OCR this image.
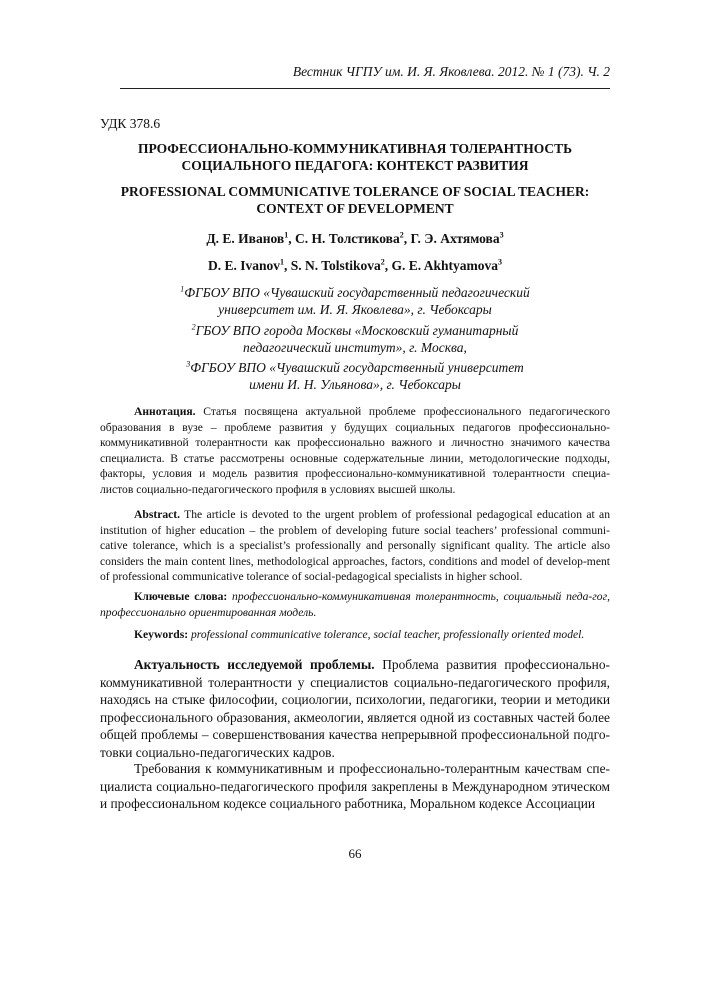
Вестник ЧГПУ им. И. Я. Яковлева. 2012. № 1 (73). Ч. 2
УДК 378.6
ПРОФЕССИОНАЛЬНО-КОММУНИКАТИВНАЯ ТОЛЕРАНТНОСТЬ
СОЦИАЛЬНОГО ПЕДАГОГА: КОНТЕКСТ РАЗВИТИЯ
PROFESSIONAL COMMUNICATIVE TOLERANCE OF SOCIAL TEACHER:
CONTEXT OF DEVELOPMENT
Д. Е. Иванов$^1$, С. Н. Толстикова$^2$, Г. Э. Ахтямова$^3$
D. E. Ivanov$^1$, S. N. Tolstikova$^2$, G. E. Akhtyamova$^3$
$^1$ФГБОУ ВПО «Чувашский государственный педагогический
университет им. И. Я. Яковлева», г. Чебоксары
$^2$ГБОУ ВПО города Москвы «Московский гуманитарный
педагогический институт», г. Москва,
$^3$ФГБОУ ВПО «Чувашский государственный университет
имени И. Н. Ульянова», г. Чебоксары
Аннотация. Статья посвящена актуальной проблеме профессионального педагогического образования в вузе – проблеме развития у будущих социальных педагогов профессионально-коммуникативной толерантности как профессионально важного и личностно значимого качества специалиста. В статье рассмотрены основные содержательные линии, методологические подходы, факторы, условия и модель развития профессионально-коммуникативной толерантности специа-листов социально-педагогического профиля в условиях высшей школы.
Abstract. The article is devoted to the urgent problem of professional pedagogical education at an institution of higher education – the problem of developing future social teachers’ professional communi-cative tolerance, which is a specialist’s professionally and personally significant quality. The article also considers the main content lines, methodological approaches, factors, conditions and model of develop-ment of professional communicative tolerance of social-pedagogical specialists in higher school.
Ключевые слова: профессионально-коммуникативная толерантность, социальный педа-гог, профессионально ориентированная модель.
Keywords: professional communicative tolerance, social teacher, professionally oriented model.
Актуальность исследуемой проблемы. Проблема развития профессионально-коммуникативной толерантности у специалистов социально-педагогического профиля, находясь на стыке философии, социологии, психологии, педагогики, теории и методики профессионального образования, акмеологии, является одной из составных частей более общей проблемы – совершенствования качества непрерывной профессиональной подго-товки социально-педагогических кадров.
Требования к коммуникативным и профессионально-толерантным качествам спе-циалиста социально-педагогического профиля закреплены в Международном этическом и профессиональном кодексе социального работника, Моральном кодексе Ассоциации
66
